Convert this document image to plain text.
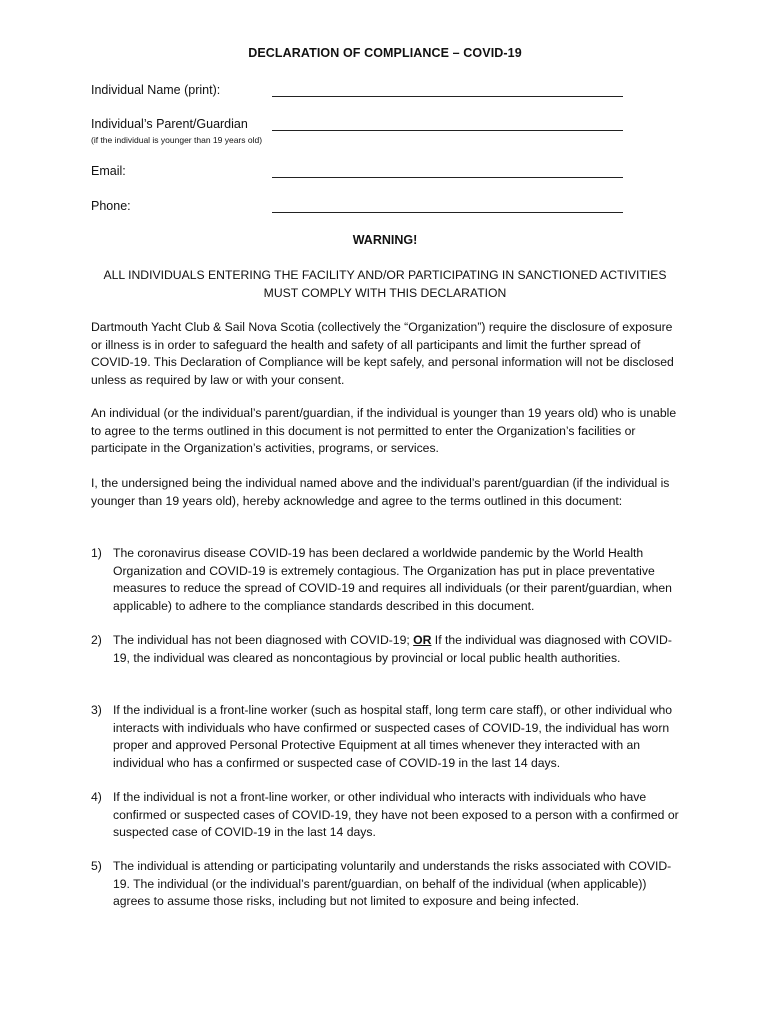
DECLARATION OF COMPLIANCE – COVID-19
Individual Name (print):
Individual’s Parent/Guardian
(if the individual is younger than 19 years old)
Email:
Phone:
WARNING!
ALL INDIVIDUALS ENTERING THE FACILITY AND/OR PARTICIPATING IN SANCTIONED ACTIVITIES MUST COMPLY WITH THIS DECLARATION

Dartmouth Yacht Club & Sail Nova Scotia (collectively the “Organization”) require the disclosure of exposure or illness is in order to safeguard the health and safety of all participants and limit the further spread of COVID-19. This Declaration of Compliance will be kept safely, and personal information will not be disclosed unless as required by law or with your consent.

An individual (or the individual’s parent/guardian, if the individual is younger than 19 years old) who is unable to agree to the terms outlined in this document is not permitted to enter the Organization’s facilities or participate in the Organization’s activities, programs, or services.

I, the undersigned being the individual named above and the individual’s parent/guardian (if the individual is younger than 19 years old), hereby acknowledge and agree to the terms outlined in this document:

1) The coronavirus disease COVID-19 has been declared a worldwide pandemic by the World Health Organization and COVID-19 is extremely contagious. The Organization has put in place preventative measures to reduce the spread of COVID-19 and requires all individuals (or their parent/guardian, when applicable) to adhere to the compliance standards described in this document.
2) The individual has not been diagnosed with COVID-19; OR If the individual was diagnosed with COVID-19, the individual was cleared as noncontagious by provincial or local public health authorities.
3) If the individual is a front-line worker (such as hospital staff, long term care staff), or other individual who interacts with individuals who have confirmed or suspected cases of COVID-19, the individual has worn proper and approved Personal Protective Equipment at all times whenever they interacted with an individual who has a confirmed or suspected case of COVID-19 in the last 14 days.
4) If the individual is not a front-line worker, or other individual who interacts with individuals who have confirmed or suspected cases of COVID-19, they have not been exposed to a person with a confirmed or suspected case of COVID-19 in the last 14 days.
5) The individual is attending or participating voluntarily and understands the risks associated with COVID-19. The individual (or the individual’s parent/guardian, on behalf of the individual (when applicable)) agrees to assume those risks, including but not limited to exposure and being infected.
